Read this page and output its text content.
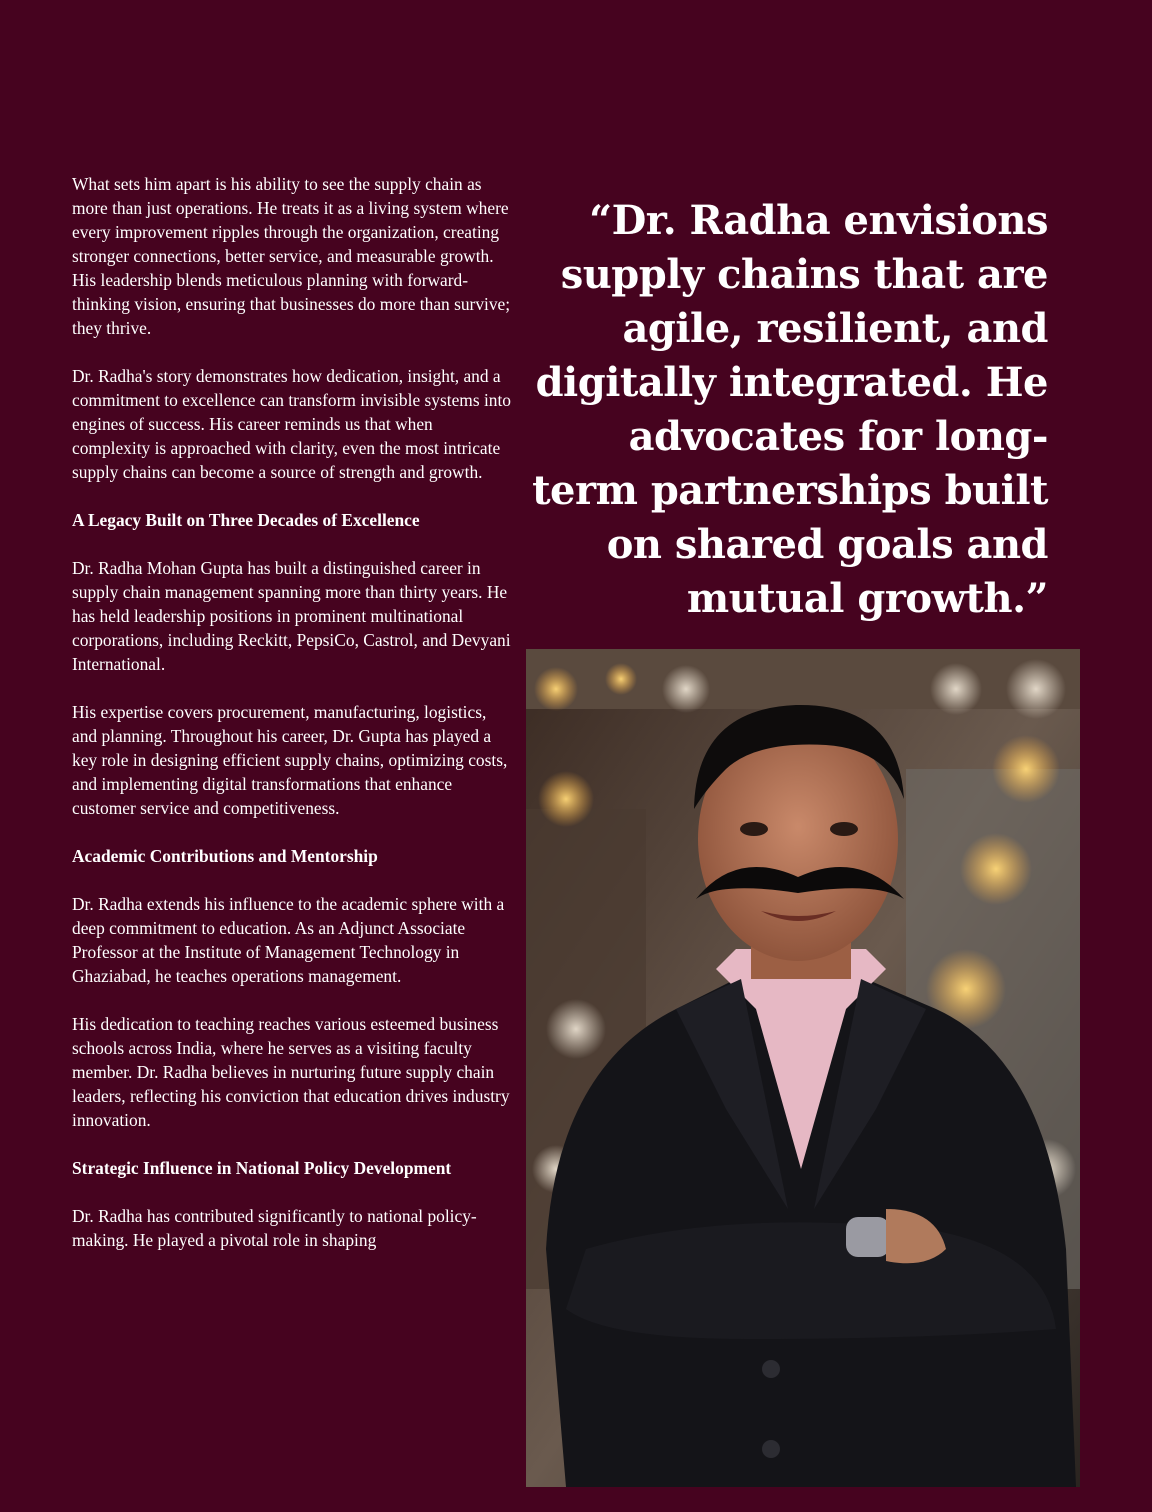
What sets him apart is his ability to see the supply chain as more than just operations. He treats it as a living system where every improvement ripples through the organization, creating stronger connections, better service, and measurable growth. His leadership blends meticulous planning with forward-thinking vision, ensuring that businesses do more than survive; they thrive.

Dr. Radha's story demonstrates how dedication, insight, and a commitment to excellence can transform invisible systems into engines of success. His career reminds us that when complexity is approached with clarity, even the most intricate supply chains can become a source of strength and growth.

A Legacy Built on Three Decades of Excellence

Dr. Radha Mohan Gupta has built a distinguished career in supply chain management spanning more than thirty years. He has held leadership positions in prominent multinational corporations, including Reckitt, PepsiCo, Castrol, and Devyani International.

His expertise covers procurement, manufacturing, logistics, and planning. Throughout his career, Dr. Gupta has played a key role in designing efficient supply chains, optimizing costs, and implementing digital transformations that enhance customer service and competitiveness.

Academic Contributions and Mentorship

Dr. Radha extends his influence to the academic sphere with a deep commitment to education. As an Adjunct Associate Professor at the Institute of Management Technology in Ghaziabad, he teaches operations management.

His dedication to teaching reaches various esteemed business schools across India, where he serves as a visiting faculty member. Dr. Radha believes in nurturing future supply chain leaders, reflecting his conviction that education drives industry innovation.

Strategic Influence in National Policy Development

Dr. Radha has contributed significantly to national policy-making. He played a pivotal role in shaping

“Dr. Radha envisions supply chains that are agile, resilient, and digitally integrated. He advocates for long-term partnerships built on shared goals and mutual growth.”
